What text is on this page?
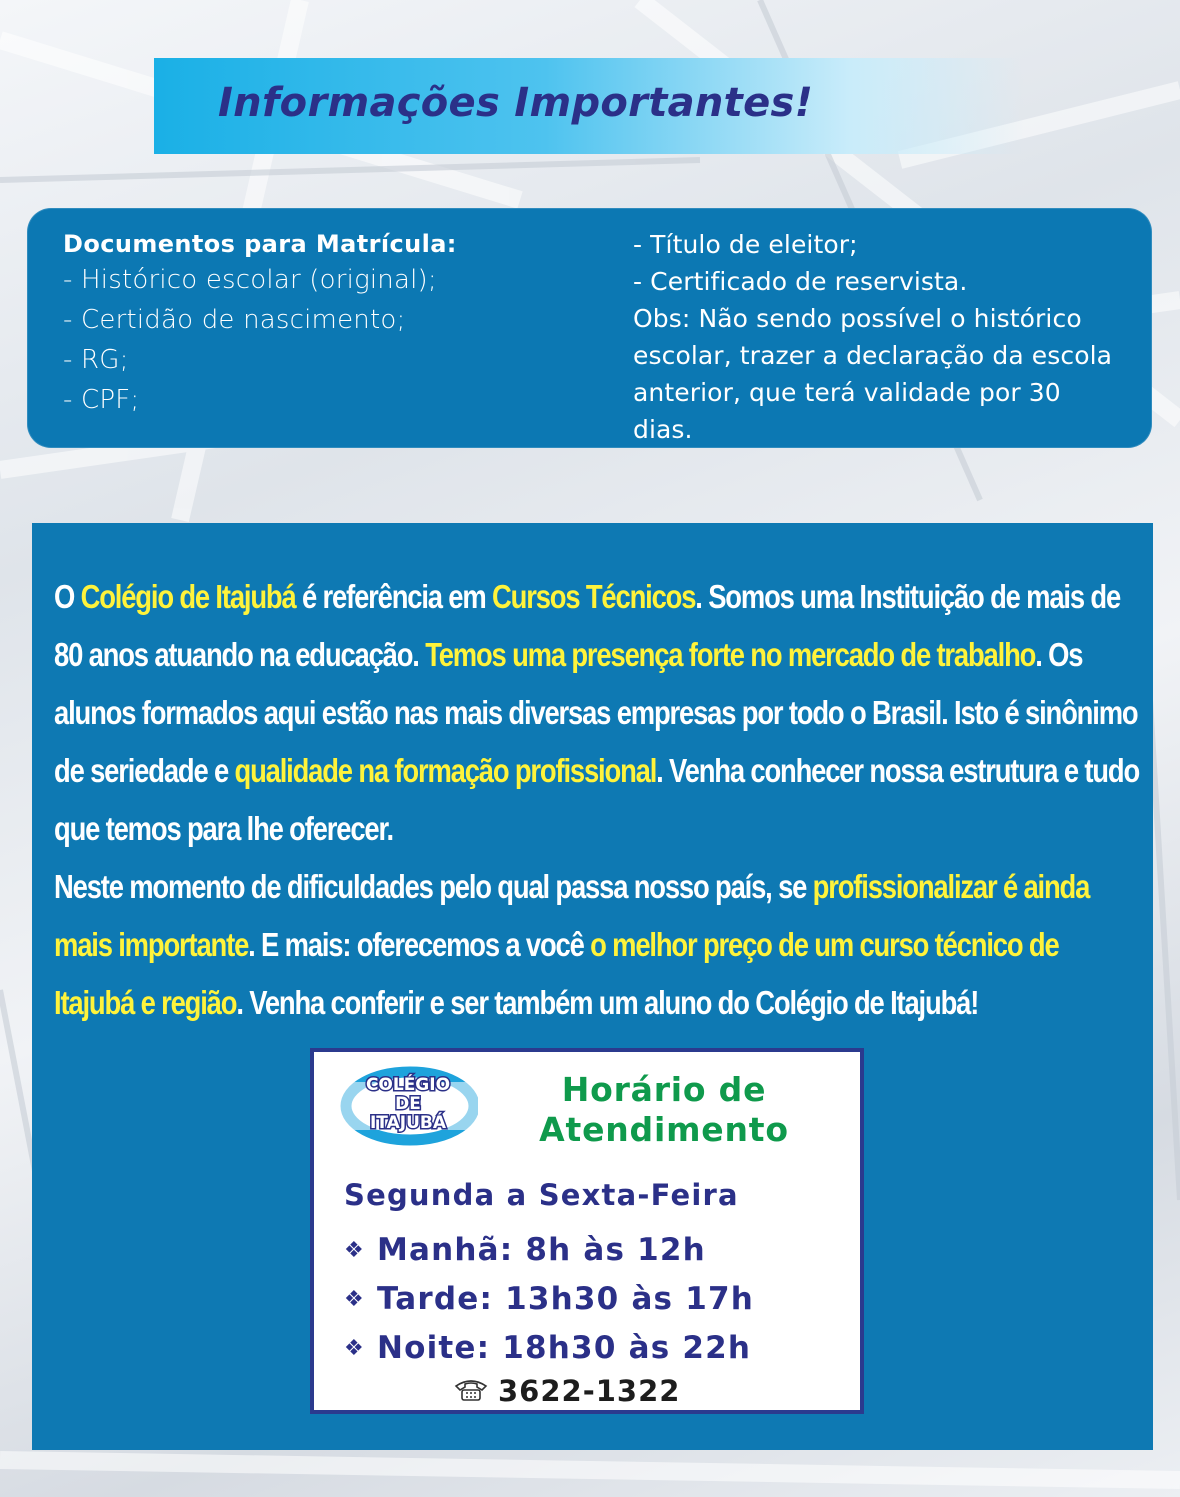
Informações Importantes!
Documentos para Matrícula:
- Histórico escolar (original);
- Certidão de nascimento;
- RG;
- CPF;
- Título de eleitor;
- Certificado de reservista.
Obs: Não sendo possível o histórico
escolar, trazer a declaração da escola
anterior, que terá validade por 30
dias.
O Colégio de Itajubá é referência em Cursos Técnicos. Somos uma Instituição de mais de 80 anos atuando na educação. Temos uma presença forte no mercado de trabalho. Os alunos formados aqui estão nas mais diversas empresas por todo o Brasil. Isto é sinônimo de seriedade e qualidade na formação profissional. Venha conhecer nossa estrutura e tudo que temos para lhe oferecer.
Neste momento de dificuldades pelo qual passa nosso país, se profissionalizar é ainda mais importante. E mais: oferecemos a você o melhor preço de um curso técnico de Itajubá e região. Venha conferir e ser também um aluno do Colégio de Itajubá!
COLÉGIO
DE
ITAJUBÁ
Horário de
Atendimento
Segunda a Sexta-Feira
❖ Manhã: 8h às 12h
❖ Tarde: 13h30 às 17h
❖ Noite: 18h30 às 22h
3622-1322
